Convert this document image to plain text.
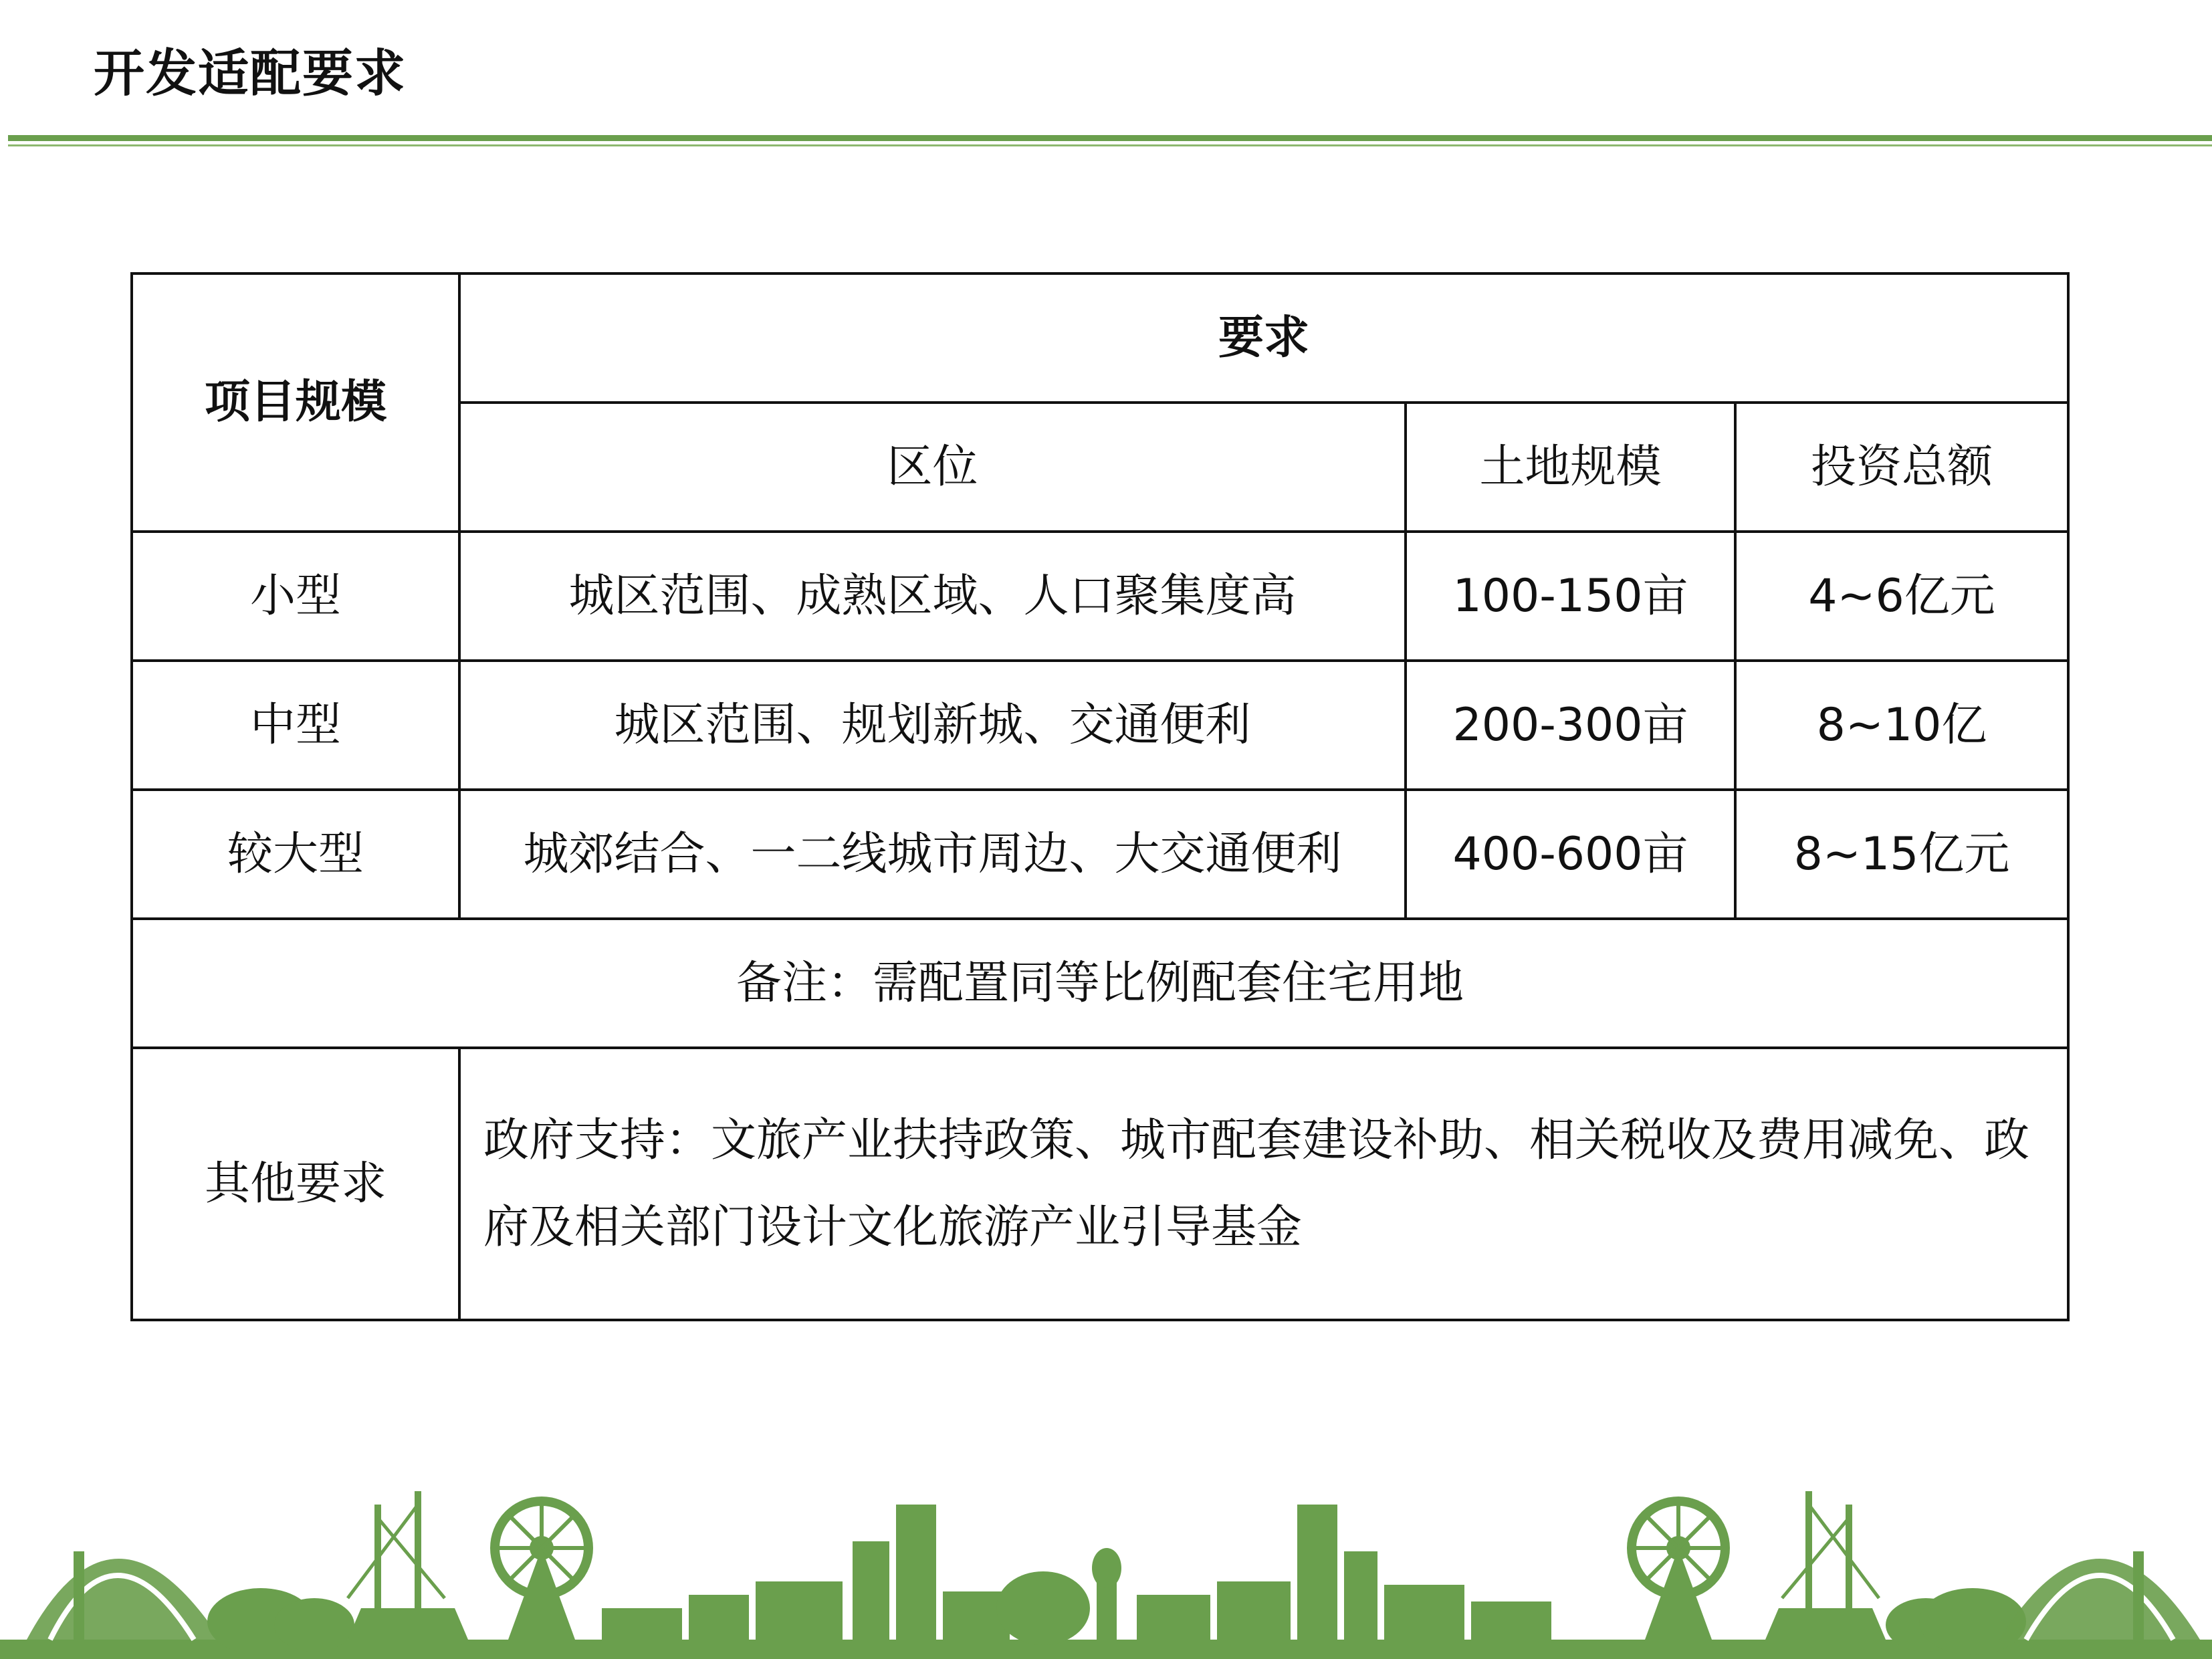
开发适配要求
项目规模	要求		
	区位	土地规模	投资总额
小型	城区范围、成熟区域、人口聚集度高	100-150亩	4~6亿元
中型	城区范围、规划新城、交通便利	200-300亩	8~10亿
较大型	城郊结合、一二线城市周边、大交通便利	400-600亩	8~15亿元
备注：需配置同等比例配套住宅用地			
其他要求	政府支持：文旅产业扶持政策、城市配套建设补助、相关税收及费用减免、政府及相关部门设计文化旅游产业引导基金		
